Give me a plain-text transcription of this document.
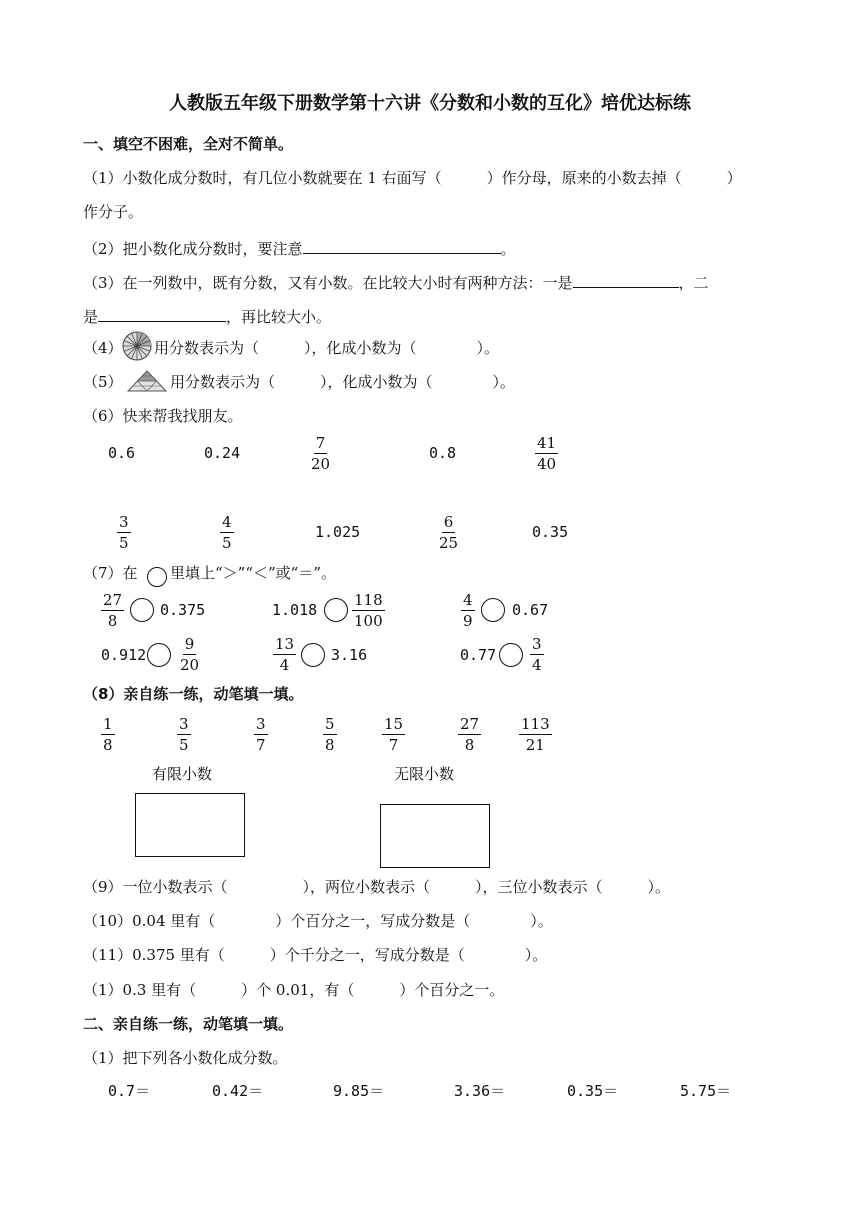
人教版五年级下册数学第十六讲《分数和小数的互化》培优达标练
一、填空不困难，全对不简单。
（1）小数化成分数时，有几位小数就要在 1 右面写（　　　）作分母，原来的小数去掉（　　　）
作分子。
（2）把小数化成分数时，要注意	。
（3）在一列数中，既有分数，又有小数。在比较大小时有两种方法：一是	，二
是	，再比较大小。
（4） 用分数表示为（　　　），化成小数为（　　　　）。
（5）	用分数表示为（　　　），化成小数为（　　　　）。
（6）快来帮我找朋友。
0.6	0.24	$\frac{7}{20}$	0.8	$\frac{41}{40}$
$\frac{3}{5}$	$\frac{4}{5}$	1.025	$\frac{6}{25}$	0.35
（7）在 里填上“＞”“＜”或“＝”。
$\frac{27}{8} 0.375$	$1.018 \frac{118}{100}$	$\frac{4}{9} 0.67$
$0.912 \frac{9}{20}$	$\frac{13}{4} 3.16$	$0.77 \frac{3}{4}$
（8）亲自练一练，动笔填一填。
$\frac{1}{8}$	$\frac{3}{5}$	$\frac{3}{7}$	$\frac{5}{8}$	$\frac{15}{7}$	$\frac{27}{8}$	$\frac{113}{21}$
有限小数	无限小数
（9）一位小数表示（　　　　　），两位小数表示（　　　），三位小数表示（　　　）。
（10）0.04 里有（　　　　）个百分之一，写成分数是（　　　　）。
（11）0.375 里有（　　　）个千分之一，写成分数是（　　　　）。
（1）0.3 里有（　　　）个 0.01，有（　　　）个百分之一。
二、亲自练一练，动笔填一填。
（1）把下列各小数化成分数。
0.7＝	0.42＝	9.85＝	3.36＝	0.35＝	5.75＝
